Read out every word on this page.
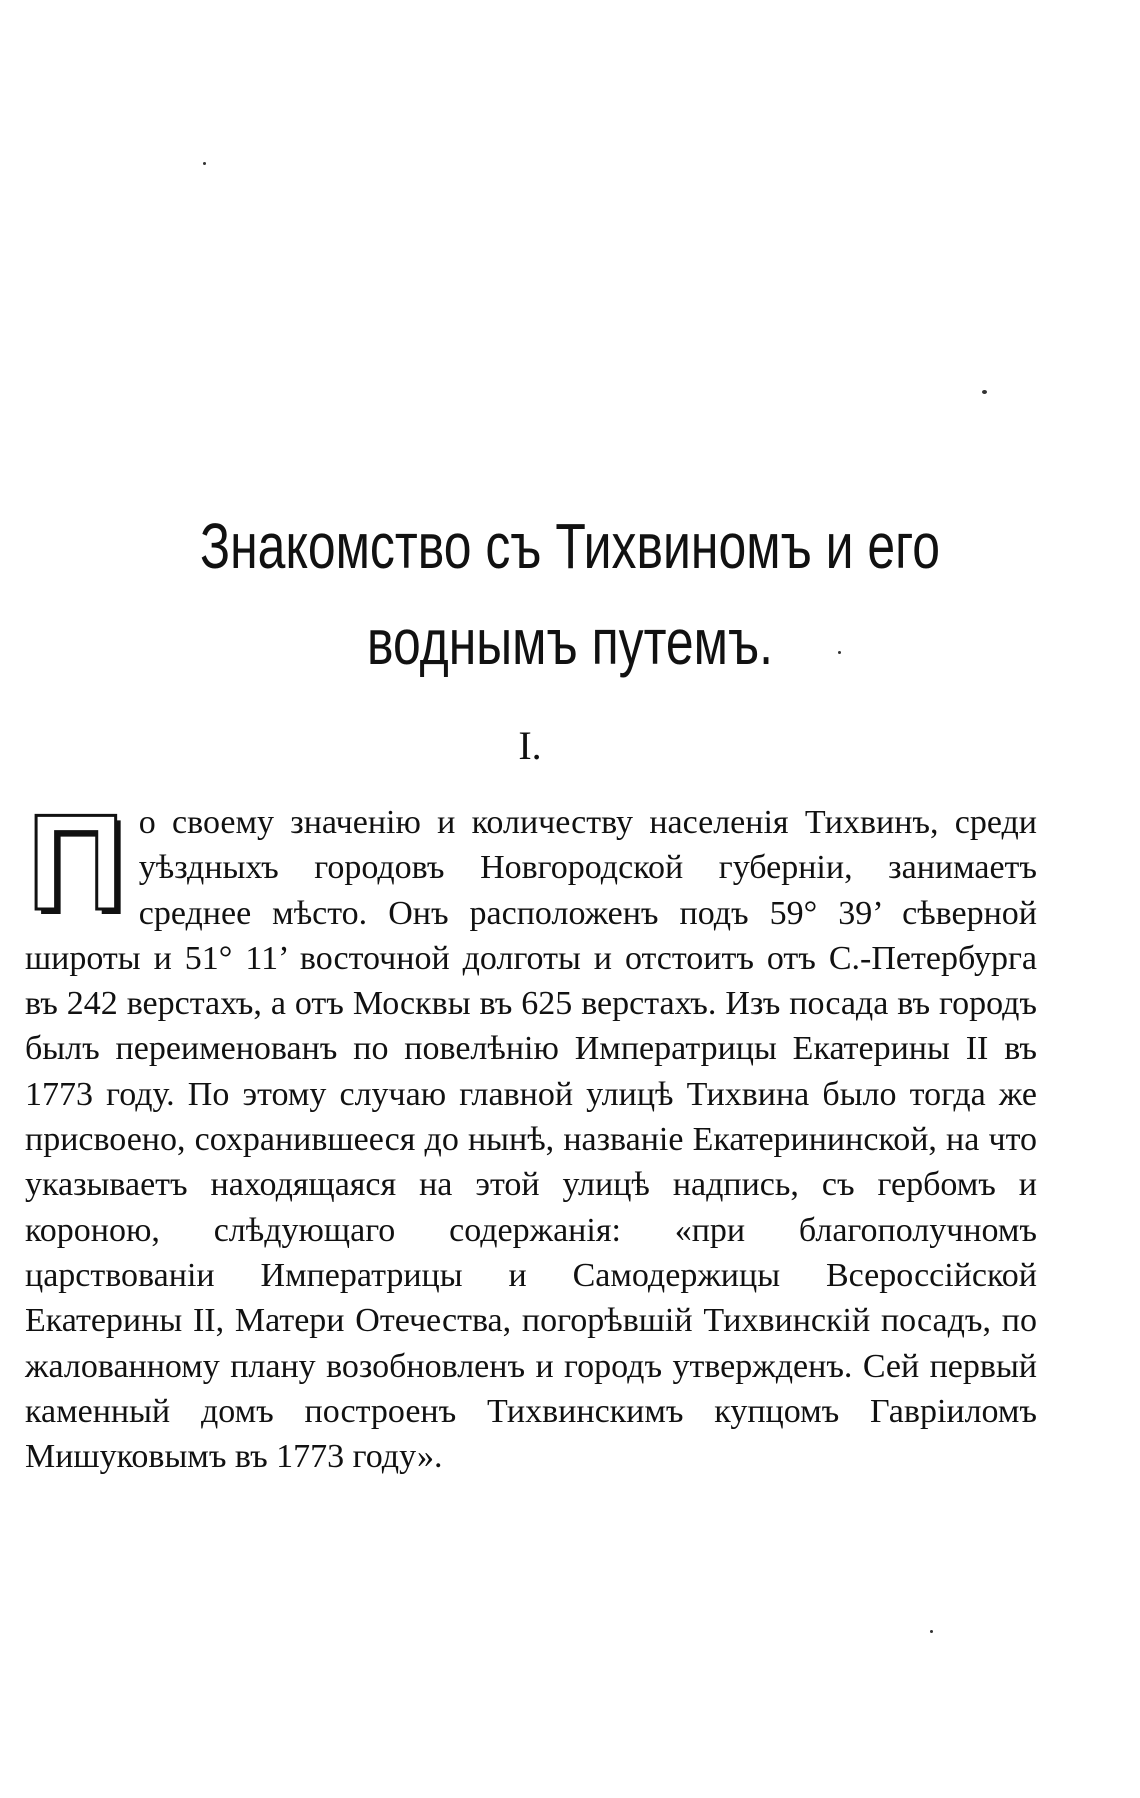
Знакомство съ Тихвиномъ и его
воднымъ путемъ.
I.

По своему значенію и количеству населенія Тихвинъ, среди уѣздныхъ городовъ Новгородской губерніи, занимаетъ среднее мѣсто. Онъ расположенъ подъ 59° 39’ сѣверной широты и 51° 11’ восточной долготы и отстоитъ отъ С.-Петербурга въ 242 верстахъ, а отъ Москвы въ 625 верстахъ. Изъ посада въ городъ былъ переименованъ по повелѣнію Императрицы Екатерины II въ 1773 году. По этому случаю главной улицѣ Тихвина было тогда же присвоено, сохранившееся до нынѣ, названіе Екатерининской, на что указываетъ находящаяся на этой улицѣ надпись, съ гербомъ и короною, слѣдующаго содержанія: «при благополучномъ царствованіи Императрицы и Самодержицы Всероссійской Екатерины II, Матери Отечества, погорѣвшій Тихвинскій посадъ, по жалованному плану возобновленъ и городъ утвержденъ. Сей первый каменный домъ построенъ Тихвинскимъ купцомъ Гавріиломъ Мишуковымъ въ 1773 году».
